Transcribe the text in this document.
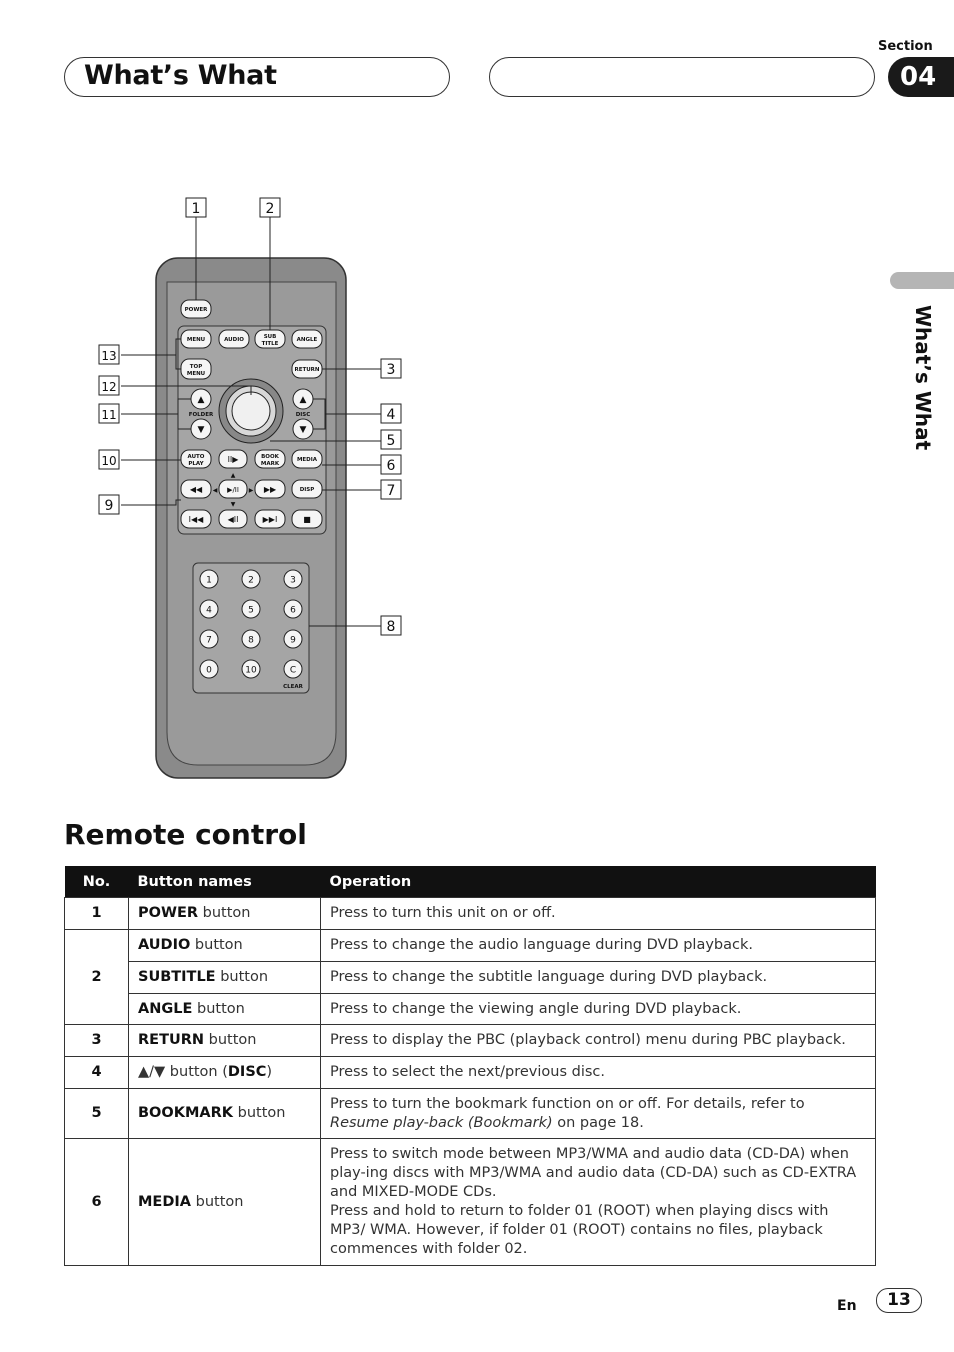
What’s What
Section
04
What’s What
POWER
MENU
TOP
MENU
AUDIO	SUB
TITLE
ANGLE
RETURN
FOLDER	DISC
AUTO
PLAY
BOOK
MARK
MEDIA
DISP
CLEAR
▲
▼
▲
▼
II▶
◀◀	▶/II	▶▶
I◀◀	◀II	▶▶I	■
▲
◀	▶
▼
1	2	3
4	5	6
7	8	9
0	10	C
1	2
3
4
5
6
7
8
9
10
11
12
13
Remote control
No.	Button names	Operation
1	POWER button	Press to turn this unit on or off.
2	AUDIO button	Press to change the audio language during DVD playback.
	SUBTITLE button	Press to change the subtitle language during DVD playback.
	ANGLE button	Press to change the viewing angle during DVD playback.
3	RETURN button	Press to display the PBC (playback control) menu during PBC playback.
4	▲/▼ button (DISC)	Press to select the next/previous disc.
5	BOOKMARK button	Press to turn the bookmark function on or off. For details, refer to Resume play-back (Bookmark) on page 18.
6	MEDIA button	Press to switch mode between MP3/WMA and audio data (CD-DA) when play-ing discs with MP3/WMA and audio data (CD-DA) such as CD-EXTRA and MIXED-MODE CDs.
Press and hold to return to folder 01 (ROOT) when playing discs with MP3/ WMA. However, if folder 01 (ROOT) contains no files, playback commences with folder 02.
En	13
